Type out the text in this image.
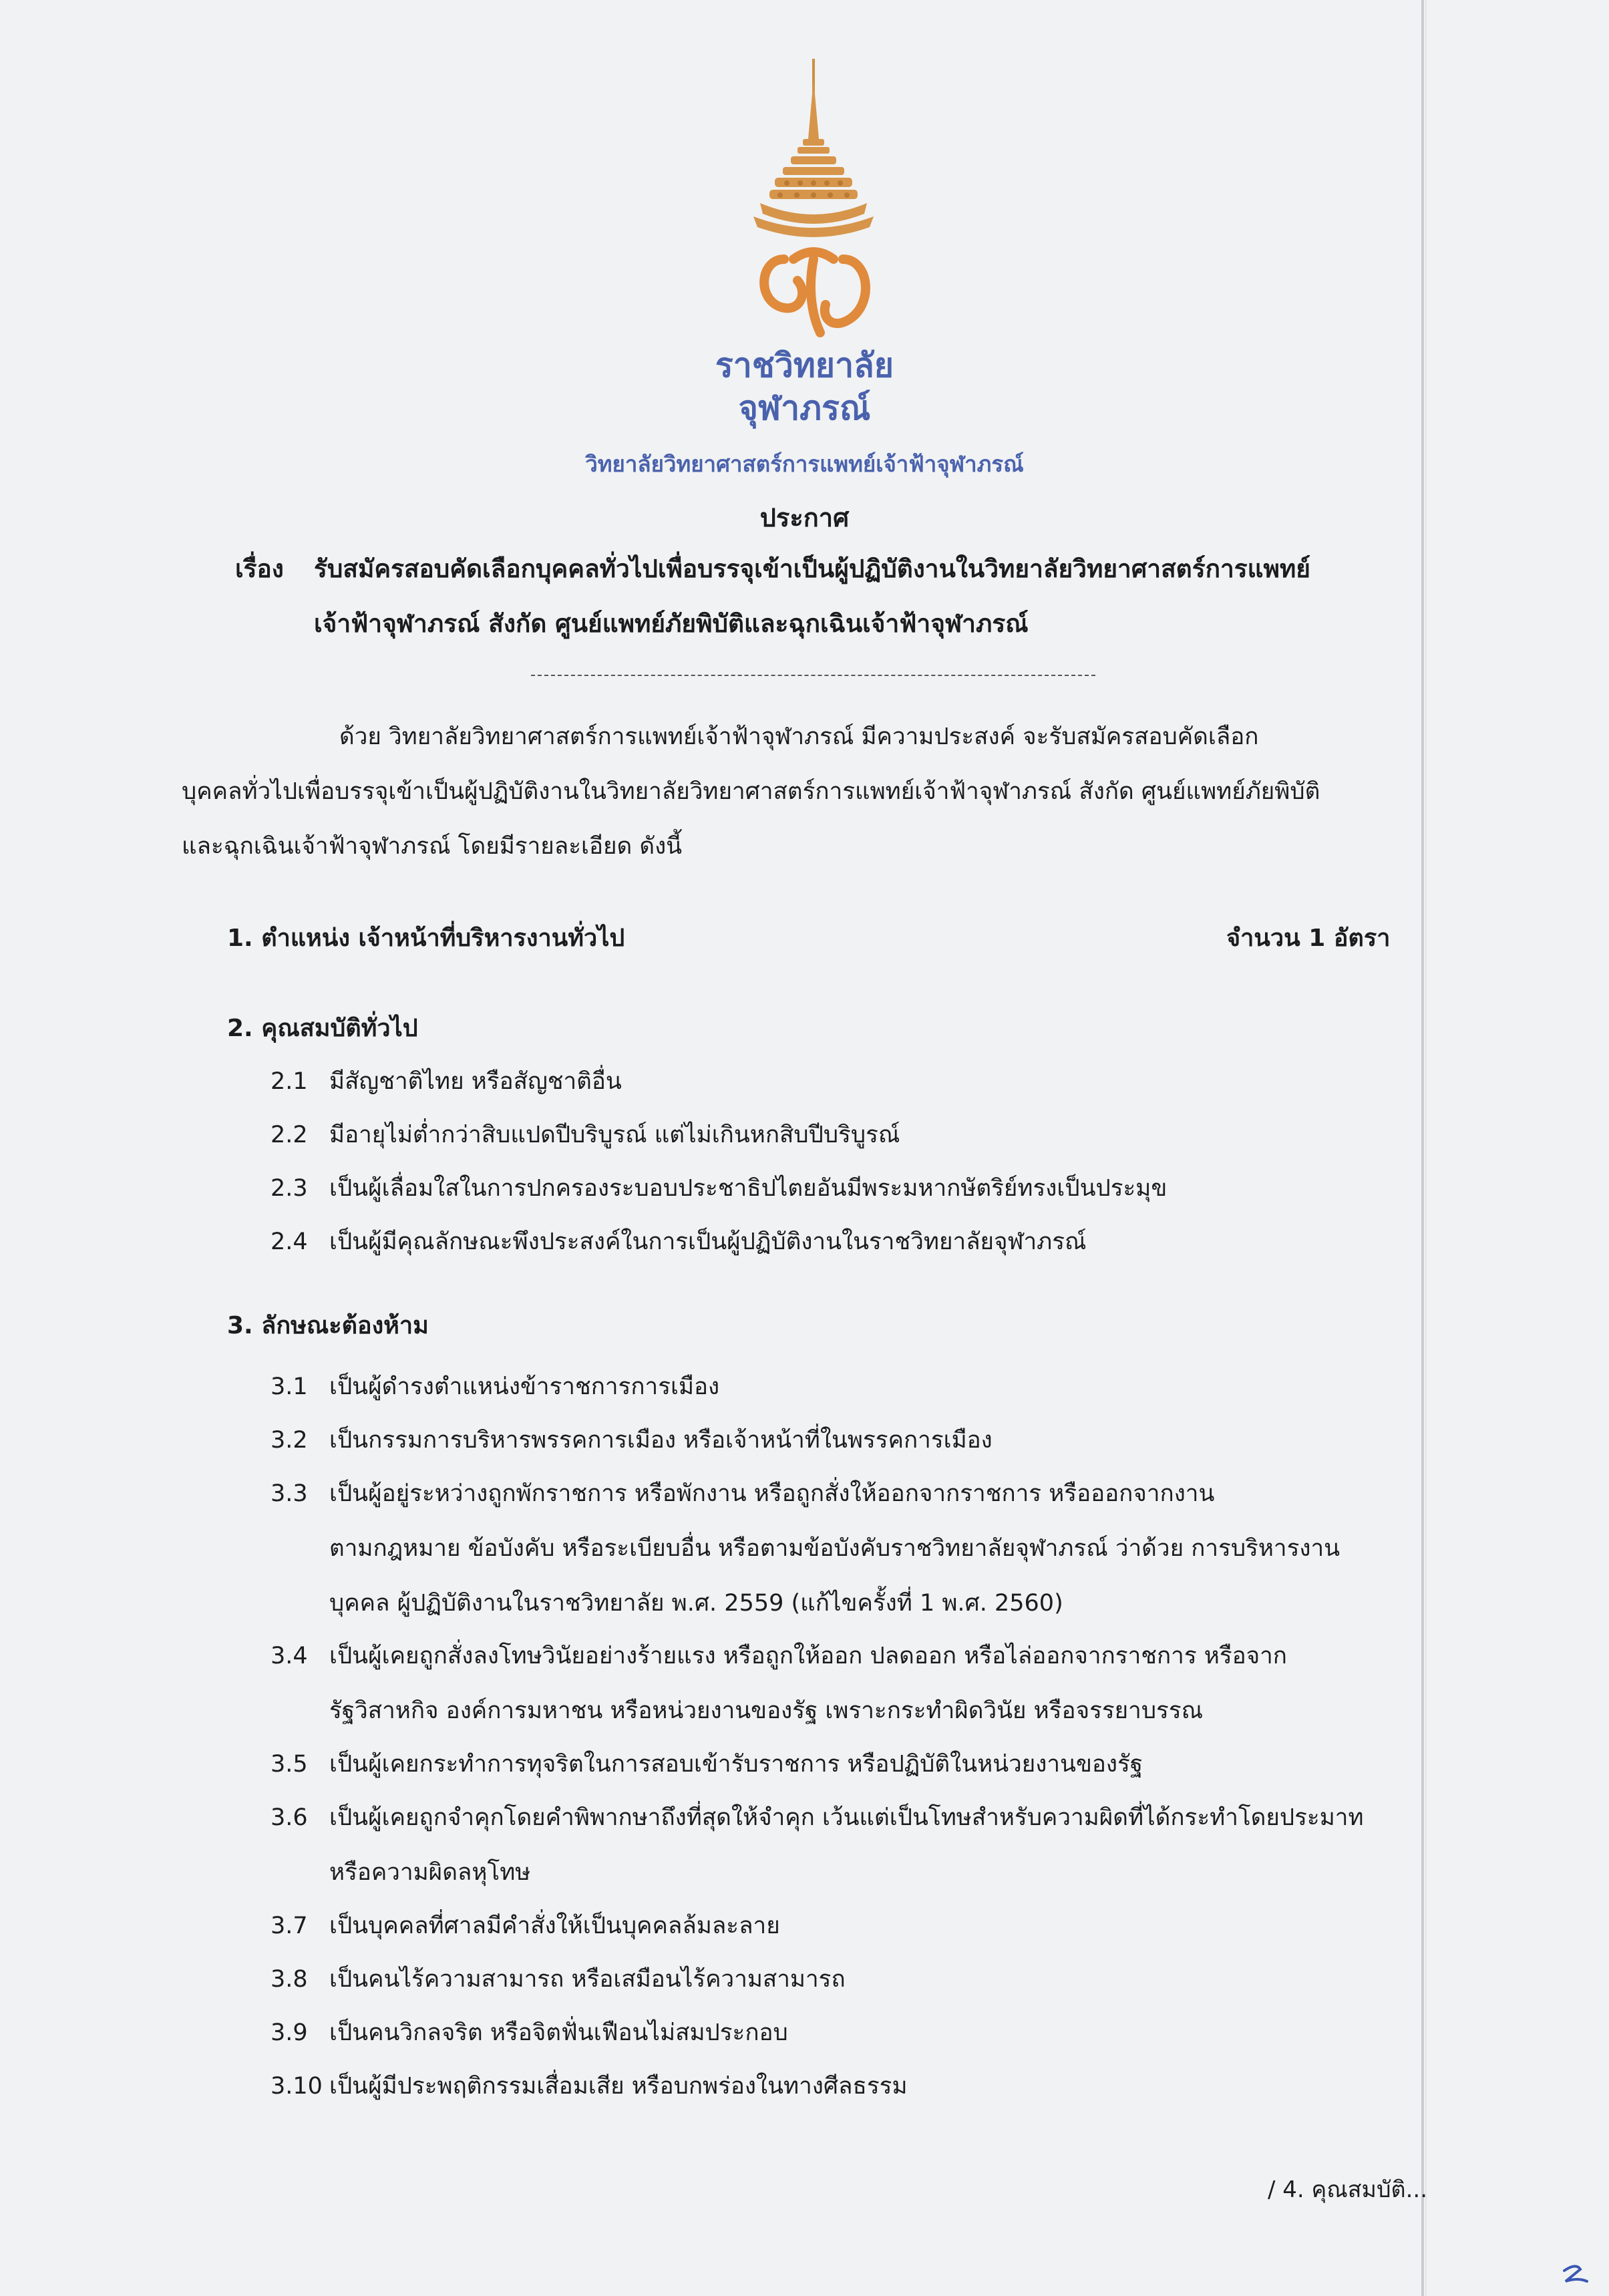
ราชวิทยาลัย
จุฬาภรณ์
วิทยาลัยวิทยาศาสตร์การแพทย์เจ้าฟ้าจุฬาภรณ์
ประกาศ
เรื่อง รับสมัครสอบคัดเลือกบุคคลทั่วไปเพื่อบรรจุเข้าเป็นผู้ปฏิบัติงานในวิทยาลัยวิทยาศาสตร์การแพทย์
เจ้าฟ้าจุฬาภรณ์ สังกัด ศูนย์แพทย์ภัยพิบัติและฉุกเฉินเจ้าฟ้าจุฬาภรณ์
ด้วย วิทยาลัยวิทยาศาสตร์การแพทย์เจ้าฟ้าจุฬาภรณ์ มีความประสงค์ จะรับสมัครสอบคัดเลือก
บุคคลทั่วไปเพื่อบรรจุเข้าเป็นผู้ปฏิบัติงานในวิทยาลัยวิทยาศาสตร์การแพทย์เจ้าฟ้าจุฬาภรณ์ สังกัด ศูนย์แพทย์ภัยพิบัติ
และฉุกเฉินเจ้าฟ้าจุฬาภรณ์ โดยมีรายละเอียด ดังนี้
1. ตำแหน่ง เจ้าหน้าที่บริหารงานทั่วไป	จำนวน 1 อัตรา
2. คุณสมบัติทั่วไป
2.1 มีสัญชาติไทย หรือสัญชาติอื่น
2.2 มีอายุไม่ต่ำกว่าสิบแปดปีบริบูรณ์ แต่ไม่เกินหกสิบปีบริบูรณ์
2.3 เป็นผู้เลื่อมใสในการปกครองระบอบประชาธิปไตยอันมีพระมหากษัตริย์ทรงเป็นประมุข
2.4 เป็นผู้มีคุณลักษณะพึงประสงค์ในการเป็นผู้ปฏิบัติงานในราชวิทยาลัยจุฬาภรณ์
3. ลักษณะต้องห้าม
3.1 เป็นผู้ดำรงตำแหน่งข้าราชการการเมือง
3.2 เป็นกรรมการบริหารพรรคการเมือง หรือเจ้าหน้าที่ในพรรคการเมือง
3.3 เป็นผู้อยู่ระหว่างถูกพักราชการ หรือพักงาน หรือถูกสั่งให้ออกจากราชการ หรือออกจากงาน
ตามกฎหมาย ข้อบังคับ หรือระเบียบอื่น หรือตามข้อบังคับราชวิทยาลัยจุฬาภรณ์ ว่าด้วย การบริหารงาน
บุคคล ผู้ปฏิบัติงานในราชวิทยาลัย พ.ศ. 2559 (แก้ไขครั้งที่ 1 พ.ศ. 2560)
3.4 เป็นผู้เคยถูกสั่งลงโทษวินัยอย่างร้ายแรง หรือถูกให้ออก ปลดออก หรือไล่ออกจากราชการ หรือจาก
รัฐวิสาหกิจ องค์การมหาชน หรือหน่วยงานของรัฐ เพราะกระทำผิดวินัย หรือจรรยาบรรณ
3.5 เป็นผู้เคยกระทำการทุจริตในการสอบเข้ารับราชการ หรือปฏิบัติในหน่วยงานของรัฐ
3.6 เป็นผู้เคยถูกจำคุกโดยคำพิพากษาถึงที่สุดให้จำคุก เว้นแต่เป็นโทษสำหรับความผิดที่ได้กระทำโดยประมาท
หรือความผิดลหุโทษ
3.7 เป็นบุคคลที่ศาลมีคำสั่งให้เป็นบุคคลล้มละลาย
3.8 เป็นคนไร้ความสามารถ หรือเสมือนไร้ความสามารถ
3.9 เป็นคนวิกลจริต หรือจิตฟั่นเฟือนไม่สมประกอบ
3.10 เป็นผู้มีประพฤติกรรมเสื่อมเสีย หรือบกพร่องในทางศีลธรรม
/ 4. คุณสมบัติ...
